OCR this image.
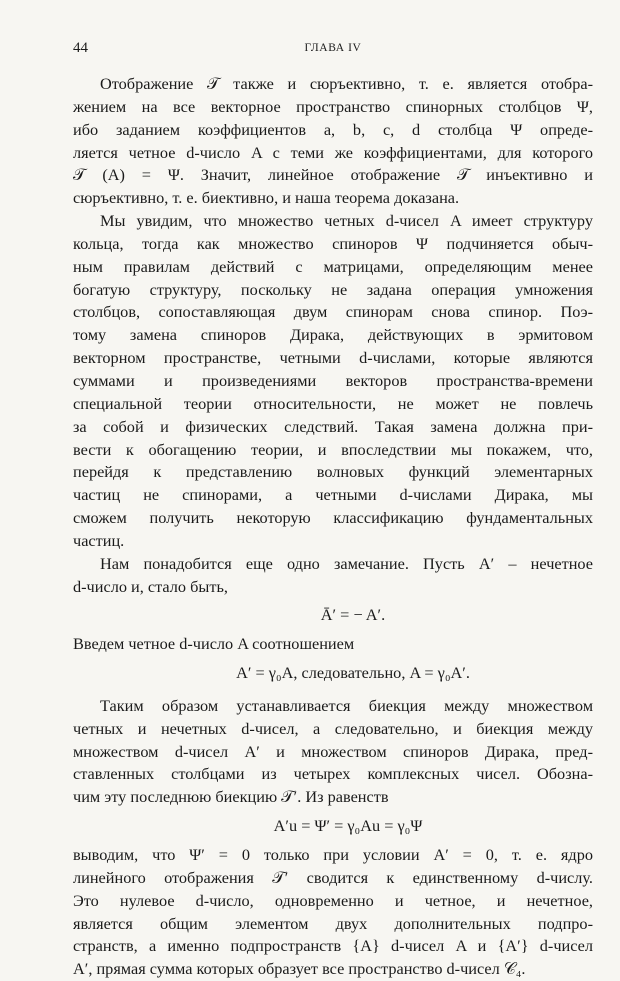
44	ГЛАВА IV
Отображение 𝒯 также и сюръективно, т. е. является отобра-
жением на все векторное пространство спинорных столбцов Ψ,
ибо заданием коэффициентов a, b, c, d столбца Ψ опреде-
ляется четное d-число A с теми же коэффициентами, для которого
𝒯 (A) = Ψ. Значит, линейное отображение 𝒯 инъективно и
сюръективно, т. е. биективно, и наша теорема доказана.
Мы увидим, что множество четных d-чисел A имеет структуру
кольца, тогда как множество спиноров Ψ подчиняется обыч-
ным правилам действий с матрицами, определяющим менее
богатую структуру, поскольку не задана операция умножения
столбцов, сопоставляющая двум спинорам снова спинор. Поэ-
тому замена спиноров Дирака, действующих в эрмитовом
векторном пространстве, четными d-числами, которые являются
суммами и произведениями векторов пространства-времени
специальной теории относительности, не может не повлечь
за собой и физических следствий. Такая замена должна при-
вести к обогащению теории, и впоследствии мы покажем, что,
перейдя к представлению волновых функций элементарных
частиц не спинорами, а четными d-числами Дирака, мы
сможем получить некоторую классификацию фундаментальных
частиц.
Нам понадобится еще одно замечание. Пусть A′ – нечетное
d-число и, стало быть,
Ā′ = − A′.
Введем четное d-число A соотношением
A′ = γ₀A, следовательно, A = γ₀A′.
Таким образом устанавливается биекция между множеством
четных и нечетных d-чисел, а следовательно, и биекция между
множеством d-чисел A′ и множеством спиноров Дирака, пред-
ставленных столбцами из четырех комплексных чисел. Обозна-
чим эту последнюю биекцию 𝒯′. Из равенств
A′u = Ψ′ = γ₀Au = γ₀Ψ
выводим, что Ψ′ = 0 только при условии A′ = 0, т. е. ядро
линейного отображения 𝒯′ сводится к единственному d-числу.
Это нулевое d-число, одновременно и четное, и нечетное,
является общим элементом двух дополнительных подпро-
странств, а именно подпространств {A} d-чисел A и {A′} d-чисел
A′, прямая сумма которых образует все пространство d-чисел 𝒞₄.
